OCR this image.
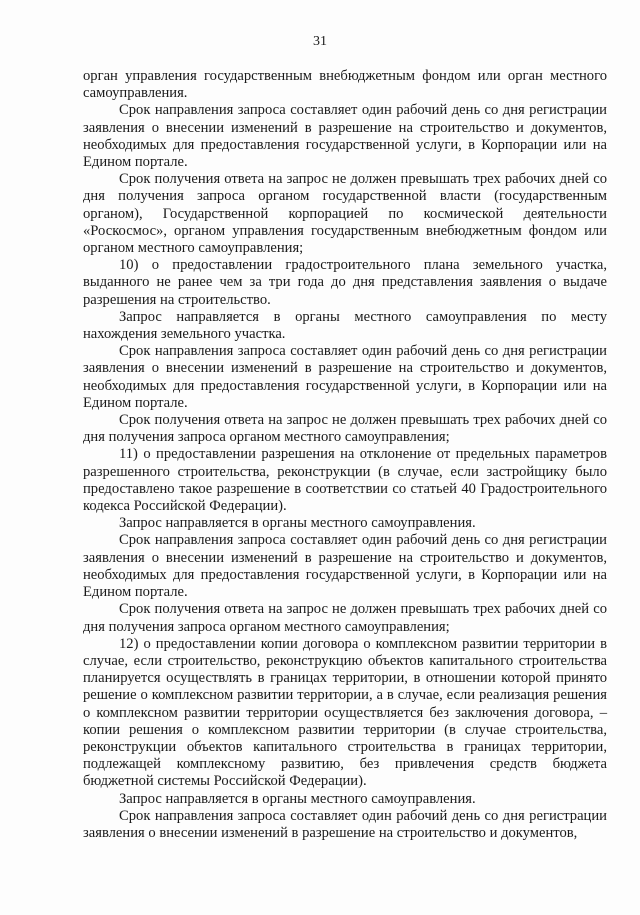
31

орган управления государственным внебюджетным фондом или орган местного самоуправления.

Срок направления запроса составляет один рабочий день со дня регистрации заявления о внесении изменений в разрешение на строительство и документов, необходимых для предоставления государственной услуги, в Корпорации или на Едином портале.

Срок получения ответа на запрос не должен превышать трех рабочих дней со дня получения запроса органом государственной власти (государственным органом), Государственной корпорацией по космической деятельности «Роскосмос», органом управления государственным внебюджетным фондом или органом местного самоуправления;

10) о предоставлении градостроительного плана земельного участка, выданного не ранее чем за три года до дня представления заявления о выдаче разрешения на строительство.

Запрос направляется в органы местного самоуправления по месту нахождения земельного участка.

Срок направления запроса составляет один рабочий день со дня регистрации заявления о внесении изменений в разрешение на строительство и документов, необходимых для предоставления государственной услуги, в Корпорации или на Едином портале.

Срок получения ответа на запрос не должен превышать трех рабочих дней со дня получения запроса органом местного самоуправления;

11) о предоставлении разрешения на отклонение от предельных параметров разрешенного строительства, реконструкции (в случае, если застройщику было предоставлено такое разрешение в соответствии со статьей 40 Градостроительного кодекса Российской Федерации).

Запрос направляется в органы местного самоуправления.

Срок направления запроса составляет один рабочий день со дня регистрации заявления о внесении изменений в разрешение на строительство и документов, необходимых для предоставления государственной услуги, в Корпорации или на Едином портале.

Срок получения ответа на запрос не должен превышать трех рабочих дней со дня получения запроса органом местного самоуправления;

12) о предоставлении копии договора о комплексном развитии территории в случае, если строительство, реконструкцию объектов капитального строительства планируется осуществлять в границах территории, в отношении которой принято решение о комплексном развитии территории, а в случае, если реализация решения о комплексном развитии территории осуществляется без заключения договора, – копии решения о комплексном развитии территории (в случае строительства, реконструкции объектов капитального строительства в границах территории, подлежащей комплексному развитию, без привлечения средств бюджета бюджетной системы Российской Федерации).

Запрос направляется в органы местного самоуправления.

Срок направления запроса составляет один рабочий день со дня регистрации заявления о внесении изменений в разрешение на строительство и документов,
